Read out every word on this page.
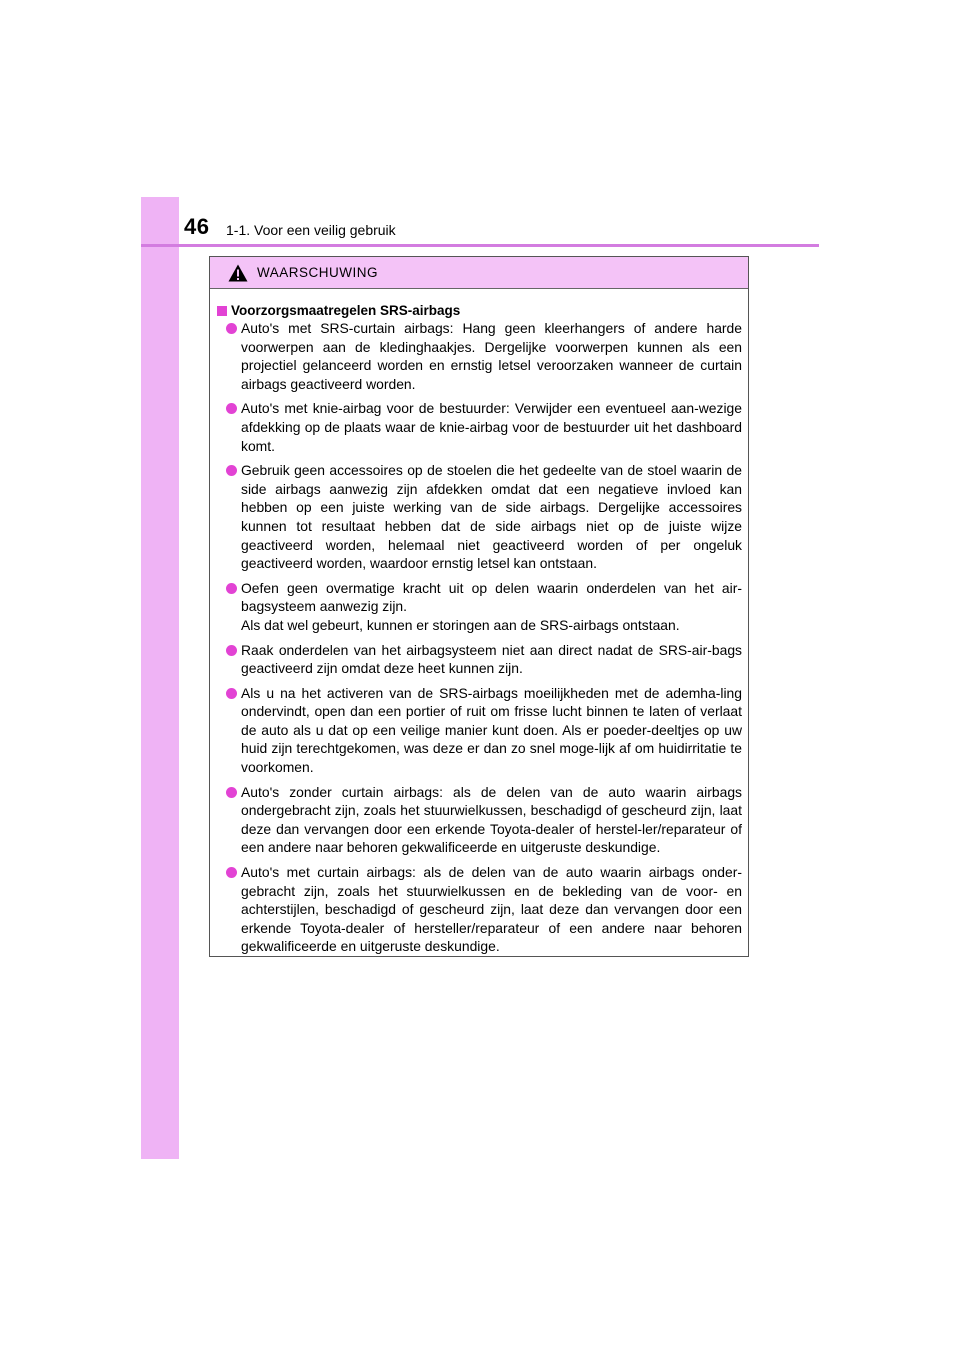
46 1-1. Voor een veilig gebruik
WAARSCHUWING
Voorzorgsmaatregelen SRS-airbags
Auto's met SRS-curtain airbags: Hang geen kleerhangers of andere harde voorwerpen aan de kledinghaakjes. Dergelijke voorwerpen kunnen als een projectiel gelanceerd worden en ernstig letsel veroorzaken wanneer de curtain airbags geactiveerd worden.
Auto's met knie-airbag voor de bestuurder: Verwijder een eventueel aan-wezige afdekking op de plaats waar de knie-airbag voor de bestuurder uit het dashboard komt.
Gebruik geen accessoires op de stoelen die het gedeelte van de stoel waarin de side airbags aanwezig zijn afdekken omdat dat een negatieve invloed kan hebben op een juiste werking van de side airbags. Dergelijke accessoires kunnen tot resultaat hebben dat de side airbags niet op de juiste wijze geactiveerd worden, helemaal niet geactiveerd worden of per ongeluk geactiveerd worden, waardoor ernstig letsel kan ontstaan.
Oefen geen overmatige kracht uit op delen waarin onderdelen van het air-bagsysteem aanwezig zijn.
Als dat wel gebeurt, kunnen er storingen aan de SRS-airbags ontstaan.
Raak onderdelen van het airbagsysteem niet aan direct nadat de SRS-air-bags geactiveerd zijn omdat deze heet kunnen zijn.
Als u na het activeren van de SRS-airbags moeilijkheden met de ademha-ling ondervindt, open dan een portier of ruit om frisse lucht binnen te laten of verlaat de auto als u dat op een veilige manier kunt doen. Als er poeder-deeltjes op uw huid zijn terechtgekomen, was deze er dan zo snel moge-lijk af om huidirritatie te voorkomen.
Auto's zonder curtain airbags: als de delen van de auto waarin airbags ondergebracht zijn, zoals het stuurwielkussen, beschadigd of gescheurd zijn, laat deze dan vervangen door een erkende Toyota-dealer of herstel-ler/reparateur of een andere naar behoren gekwalificeerde en uitgeruste deskundige.
Auto's met curtain airbags: als de delen van de auto waarin airbags onder-gebracht zijn, zoals het stuurwielkussen en de bekleding van de voor- en achterstijlen, beschadigd of gescheurd zijn, laat deze dan vervangen door een erkende Toyota-dealer of hersteller/reparateur of een andere naar behoren gekwalificeerde en uitgeruste deskundige.
